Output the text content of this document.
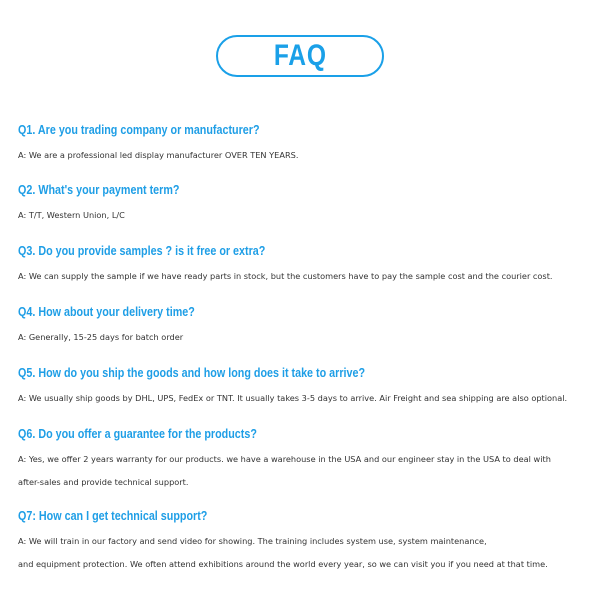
FAQ
Q1. Are you trading company or manufacturer?
A: We are a professional led display manufacturer OVER TEN YEARS.
Q2. What's your payment term?
A: T/T, Western Union, L/C
Q3. Do you provide samples ? is it free or extra?
A: We can supply the sample if we have ready parts in stock, but the customers have to pay the sample cost and the courier cost.
Q4. How about your delivery time?
A: Generally, 15-25 days for batch order
Q5. How do you ship the goods and how long does it take to arrive?
A: We usually ship goods by DHL, UPS, FedEx or TNT. It usually takes 3-5 days to arrive. Air Freight and sea shipping are also optional.
Q6. Do you offer a guarantee for the products?
A: Yes, we offer 2 years warranty for our products. we have a warehouse in the USA and our engineer stay in the USA to deal with
after-sales and provide technical support.
Q7: How can I get technical support?
A: We will train in our factory and send video for showing. The training includes system use, system maintenance,
and equipment protection. We often attend exhibitions around the world every year, so we can visit you if you need at that time.
